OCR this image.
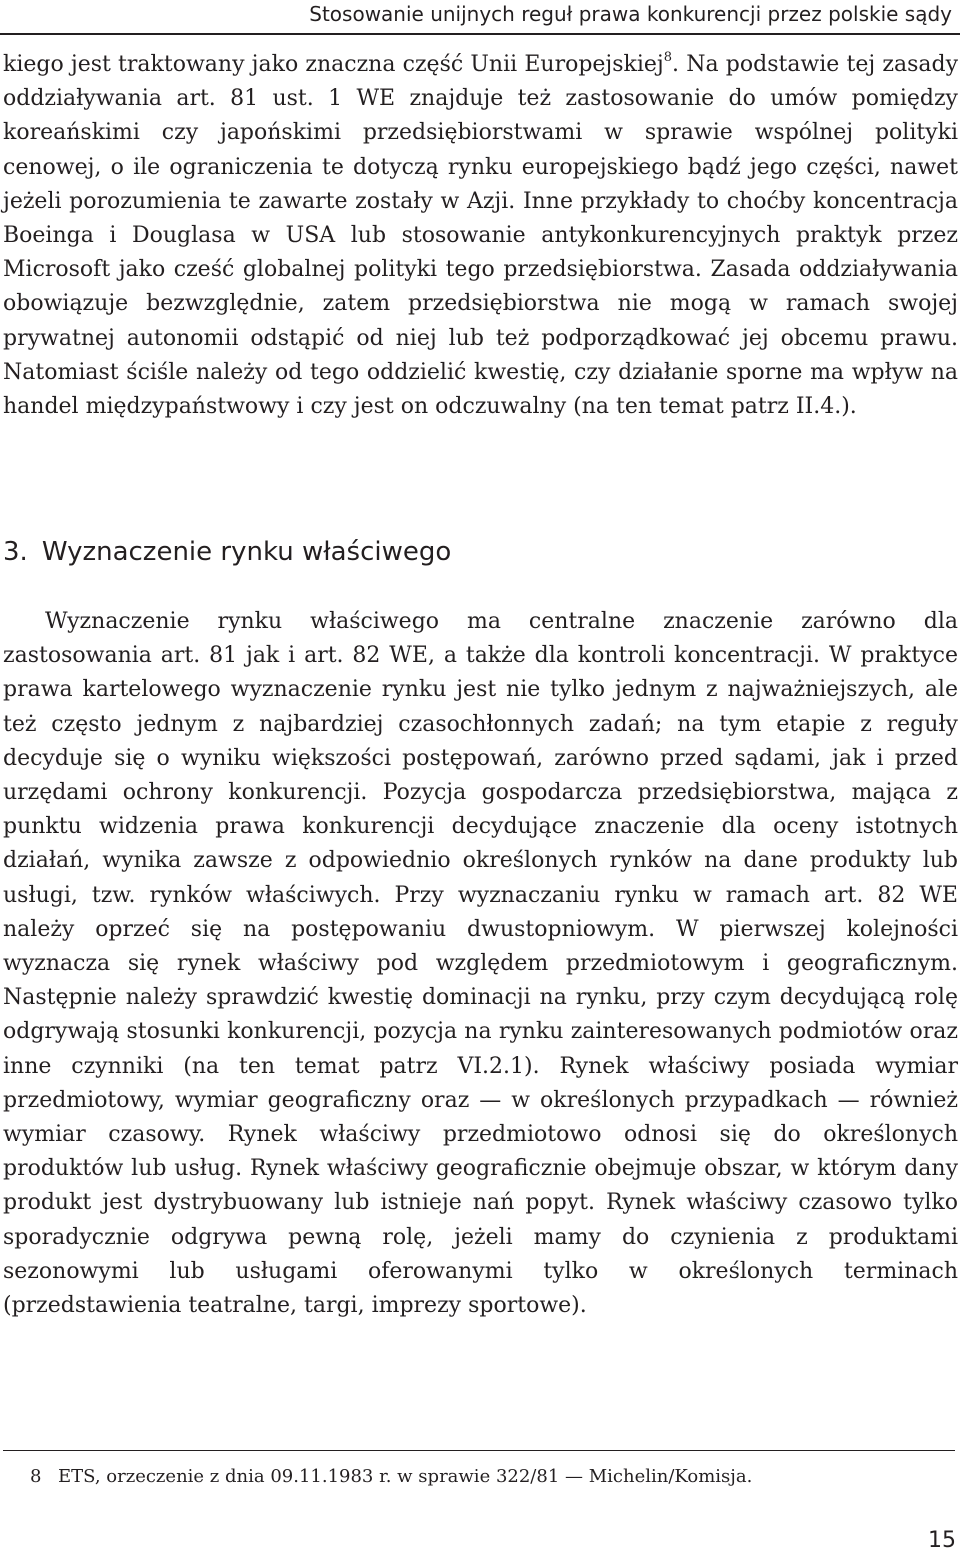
Stosowanie unijnych reguł prawa konkurencji przez polskie sądy
kiego jest traktowany jako znaczna część Unii Europejskiej$^8$. Na podstawie tej zasady oddziaływania art. 81 ust. 1 WE znajduje też zastosowanie do umów pomiędzy koreańskimi czy japońskimi przedsiębiorstwami w sprawie wspólnej polityki cenowej, o ile ograniczenia te dotyczą rynku europejskiego bądź jego części, nawet jeżeli porozumienia te zawarte zostały w Azji. Inne przykłady to choćby koncentracja Boeinga i Douglasa w USA lub stosowanie antykonkurencyjnych praktyk przez Microsoft jako cześć globalnej polityki tego przedsiębiorstwa. Zasada oddziaływania obowiązuje bezwzględnie, zatem przedsiębiorstwa nie mogą w ramach swojej prywatnej autonomii odstąpić od niej lub też podporządkować jej obcemu prawu. Natomiast ściśle należy od tego oddzielić kwestię, czy działanie sporne ma wpływ na handel międzypaństwowy i czy jest on odczuwalny (na ten temat patrz II.4.).
3. Wyznaczenie rynku właściwego
Wyznaczenie rynku właściwego ma centralne znaczenie zarówno dla zastosowania art. 81 jak i art. 82 WE, a także dla kontroli koncentracji. W praktyce prawa kartelowego wyznaczenie rynku jest nie tylko jednym z najważniejszych, ale też często jednym z najbardziej czasochłonnych zadań; na tym etapie z reguły decyduje się o wyniku większości postępowań, zarówno przed sądami, jak i przed urzędami ochrony konkurencji. Pozycja gospodarcza przedsiębiorstwa, mająca z punktu widzenia prawa konkurencji decydujące znaczenie dla oceny istotnych działań, wynika zawsze z odpowiednio określonych rynków na dane produkty lub usługi, tzw. rynków właściwych. Przy wyznaczaniu rynku w ramach art. 82 WE należy oprzeć się na postępowaniu dwustopniowym. W pierwszej kolejności wyznacza się rynek właściwy pod względem przedmiotowym i geograficznym. Następnie należy sprawdzić kwestię dominacji na rynku, przy czym decydującą rolę odgrywają stosunki konkurencji, pozycja na rynku zainteresowanych podmiotów oraz inne czynniki (na ten temat patrz VI.2.1). Rynek właściwy posiada wymiar przedmiotowy, wymiar geograficzny oraz — w określonych przypadkach — również wymiar czasowy. Rynek właściwy przedmiotowo odnosi się do określonych produktów lub usług. Rynek właściwy geograficznie obejmuje obszar, w którym dany produkt jest dystrybuowany lub istnieje nań popyt. Rynek właściwy czasowo tylko sporadycznie odgrywa pewną rolę, jeżeli mamy do czynienia z produktami sezonowymi lub usługami oferowanymi tylko w określonych terminach (przedstawienia teatralne, targi, imprezy sportowe).
8 ETS, orzeczenie z dnia 09.11.1983 r. w sprawie 322/81 — Michelin/Komisja.
15
